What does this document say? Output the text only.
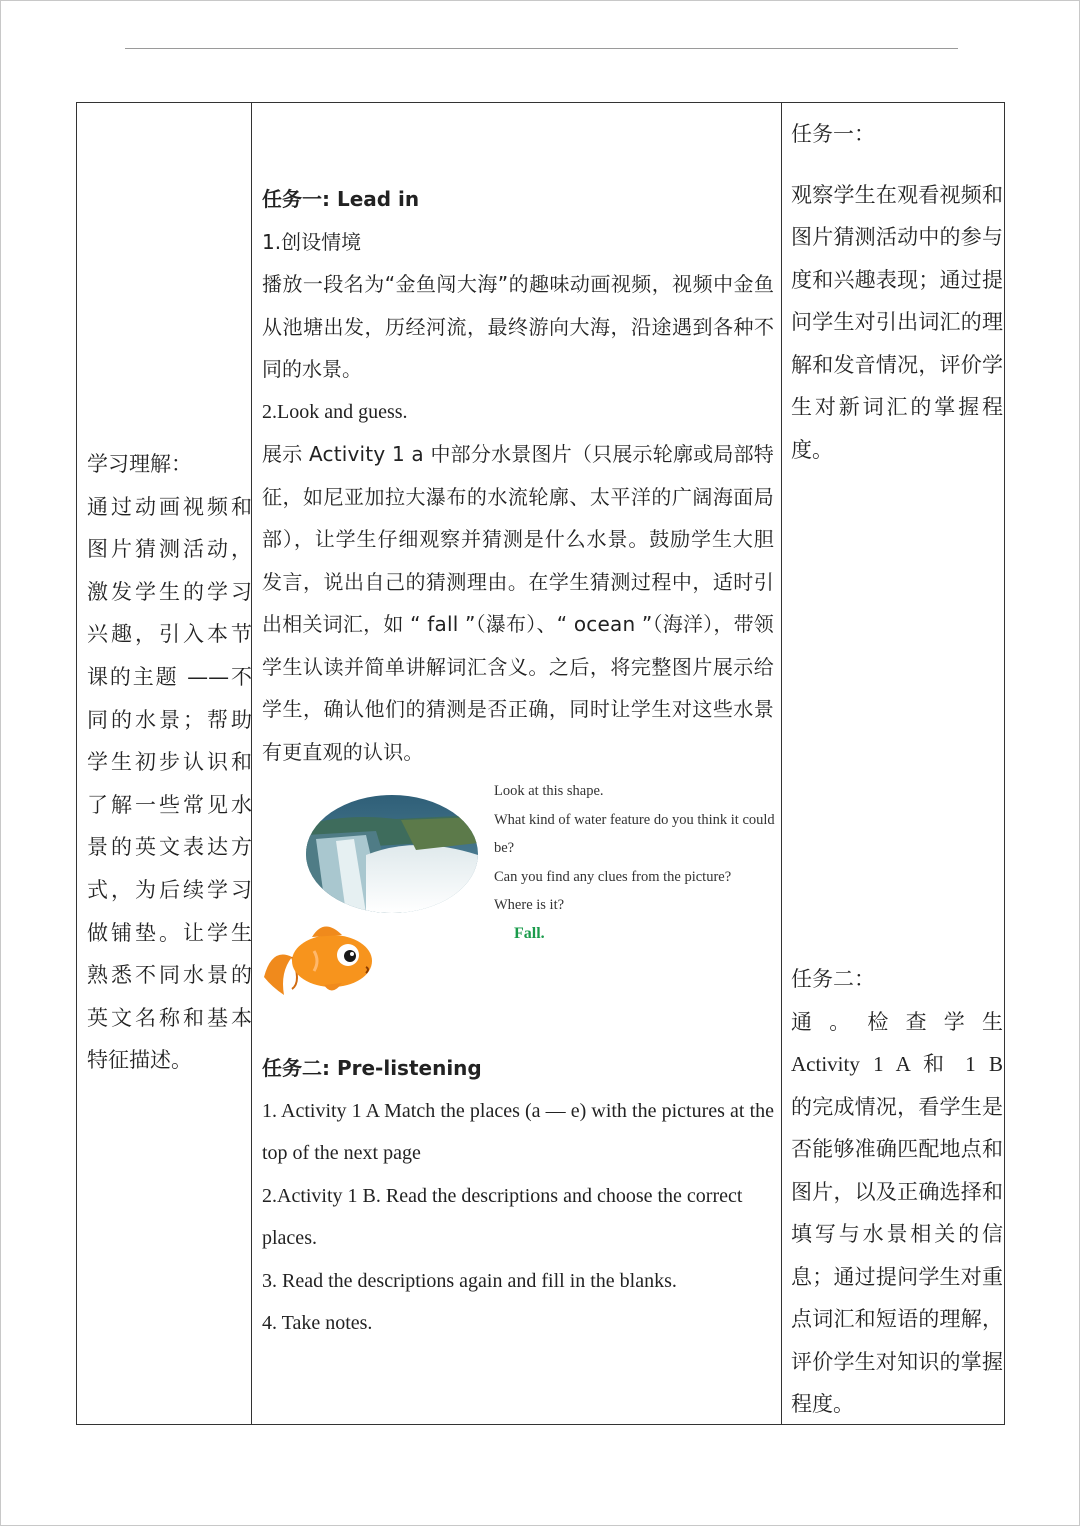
学习理解：

通过动画视频和图片猜测活动，激发学生的学习兴趣，引入本节课的主题 ——不同的水景；帮助学生初步认识和了解一些常见水景的英文表达方式，为后续学习做铺垫。让学生熟悉不同水景的英文名称和基本特征描述。

任务一: Lead in

1.创设情境

播放一段名为“金鱼闯大海”的趣味动画视频，视频中金鱼从池塘出发，历经河流，最终游向大海，沿途遇到各种不同的水景。

2.Look and guess.

展示 Activity 1 a 中部分水景图片（只展示轮廓或局部特征，如尼亚加拉大瀑布的水流轮廓、太平洋的广阔海面局部），让学生仔细观察并猜测是什么水景。鼓励学生大胆发言，说出自己的猜测理由。在学生猜测过程中，适时引出相关词汇，如 “ fall ”（瀑布）、“ ocean ”（海洋），带领学生认读并简单讲解词汇含义。之后，将完整图片展示给学生，确认他们的猜测是否正确，同时让学生对这些水景有更直观的认识。

Look at this shape.

What kind of water feature do you think it could be?

Can you find any clues from the picture?

Where is it?

Fall.

任务二: Pre-listening

1. Activity 1 A Match the places (a — e) with the pictures at the top of the next page

2.Activity 1 B. Read the descriptions and choose the correct places.

3. Read the descriptions again and fill in the blanks.

4. Take notes.

任务一：

观察学生在观看视频和图片猜测活动中的参与度和兴趣表现；通过提问学生对引出词汇的理解和发音情况，评价学生对新词汇的掌握程度。

任务二：

通 。 检 查 学 生

Activity 1 A 和 1 B

的完成情况，看学生是否能够准确匹配地点和图片，以及正确选择和填写与水景相关的信息；通过提问学生对重点词汇和短语的理解，评价学生对知识的掌握程度。
